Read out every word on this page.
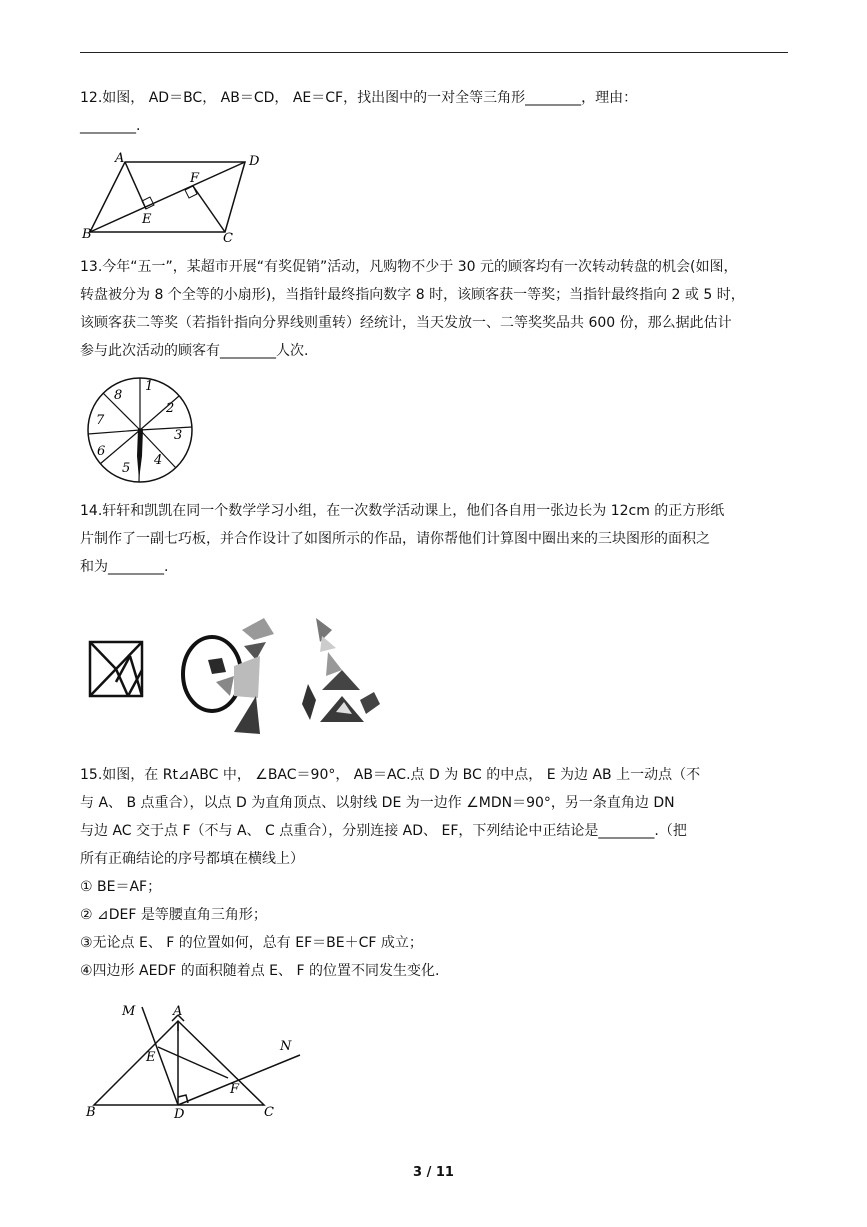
12.如图， AD＝BC， AB＝CD， AE＝CF，找出图中的一对全等三角形________，理由：
________.
A	D
B	C
E
F
13.今年“五一”，某超市开展“有奖促销”活动，凡购物不少于 30 元的顾客均有一次转动转盘的机会(如图，
转盘被分为 8 个全等的小扇形)，当指针最终指向数字 8 时，该顾客获一等奖；当指针最终指向 2 或 5 时，
该顾客获二等奖（若指针指向分界线则重转）经统计，当天发放一、二等奖奖品共 600 份，那么据此估计
参与此次活动的顾客有________人次.
1
2
3
4
5
6
7
8
14.轩轩和凯凯在同一个数学学习小组，在一次数学活动课上，他们各自用一张边长为 12cm 的正方形纸
片制作了一副七巧板，并合作设计了如图所示的作品，请你帮他们计算图中圈出来的三块图形的面积之
和为________.
15.如图，在 Rt⊿ABC 中， ∠BAC＝90°， AB＝AC.点 D 为 BC 的中点， E 为边 AB 上一动点（不
与 A、 B 点重合），以点 D 为直角顶点、以射线 DE 为一边作 ∠MDN＝90°，另一条直角边 DN
与边 AC 交于点 F（不与 A、 C 点重合），分别连接 AD、 EF，下列结论中正结论是________.（把
所有正确结论的序号都填在横线上）
① BE＝AF；
② ⊿DEF 是等腰直角三角形；
③无论点 E、 F 的位置如何，总有 EF＝BE＋CF 成立；
④四边形 AEDF 的面积随着点 E、 F 的位置不同发生变化.
M	A
N
E
F
B	D	C
3 / 11
